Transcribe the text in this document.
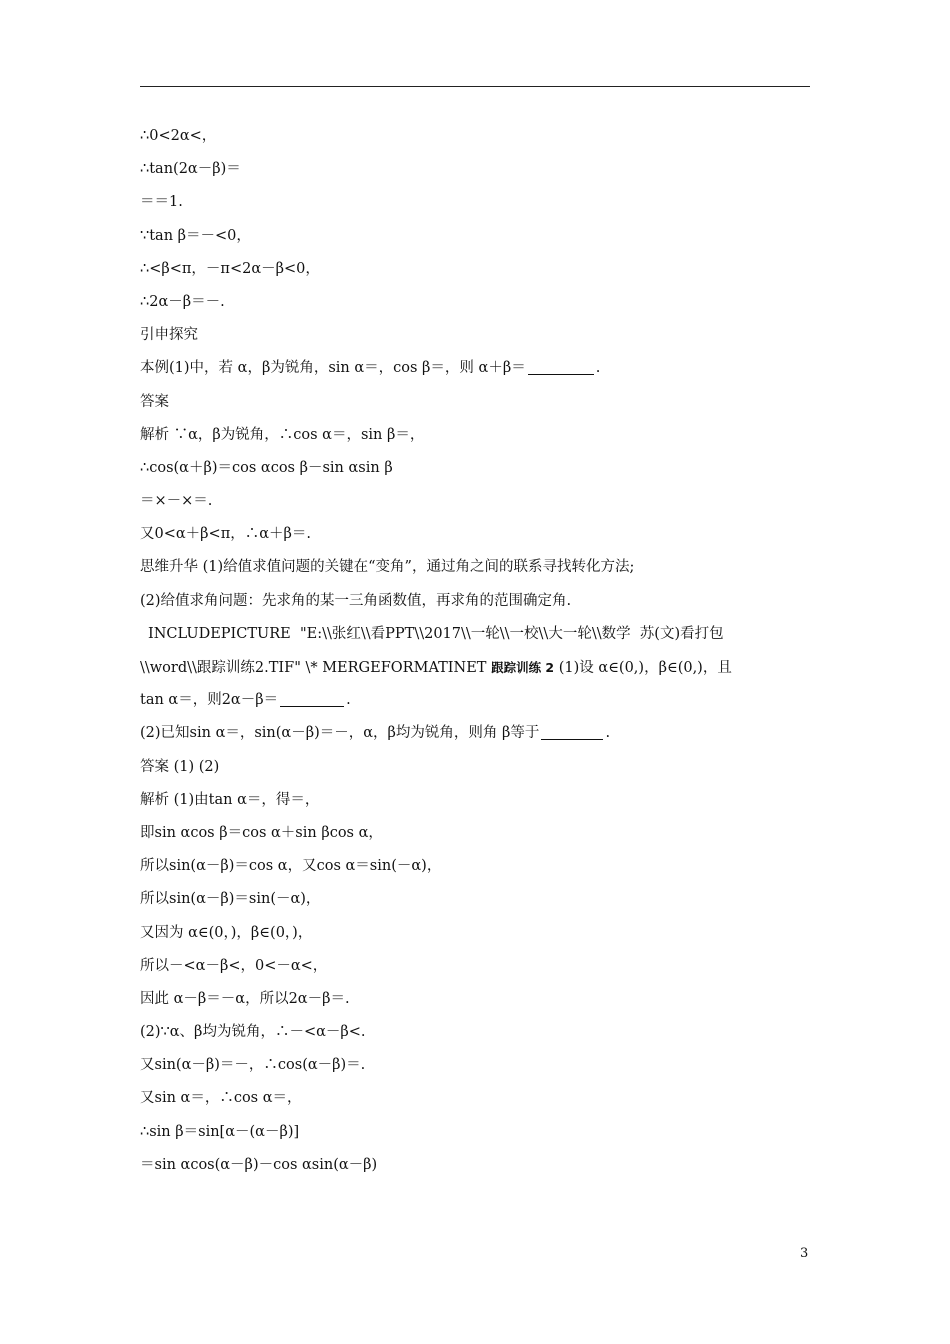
∴0<2α<，
∴tan(2α－β)＝
＝＝1.
∵tan β＝－<0，
∴<β<π，－π<2α－β<0，
∴2α－β＝－.
引申探究
本例(1)中，若 α，β为锐角，sin α＝，cos β＝，则 α＋β＝	.
答案
解析 ∵α，β为锐角，∴cos α＝，sin β＝，
∴cos(α＋β)＝cos αcos β－sin αsin β
＝×－×＝.
又0<α＋β<π，∴α＋β＝.
思维升华 (1)给值求值问题的关键在“变角”，通过角之间的联系寻找转化方法;
(2)给值求角问题：先求角的某一三角函数值，再求角的范围确定角.
INCLUDEPICTURE  "E:\\张红\\看PPT\\2017\\一轮\\一校\\大一轮\\数学  苏(文)看打包
\\word\\跟踪训练2.TIF" \* MERGEFORMATINET 跟踪训练 2 (1)设 α∈(0,)，β∈(0,)，且
tan α＝，则2α－β＝	.
(2)已知sin α＝，sin(α－β)＝－，α，β均为锐角，则角 β等于	.
答案 (1) (2)
解析 (1)由tan α＝，得＝，
即sin αcos β＝cos α＋sin βcos α，
所以sin(α－β)＝cos α，又cos α＝sin(－α)，
所以sin(α－β)＝sin(－α)，
又因为 α∈(0，)，β∈(0，)，
所以－<α－β<，0<－α<，
因此 α－β＝－α，所以2α－β＝.
(2)∵α、β均为锐角，∴－<α－β<.
又sin(α－β)＝－，∴cos(α－β)＝.
又sin α＝，∴cos α＝，
∴sin β＝sin[α－(α－β)]
＝sin αcos(α－β)－cos αsin(α－β)
3
